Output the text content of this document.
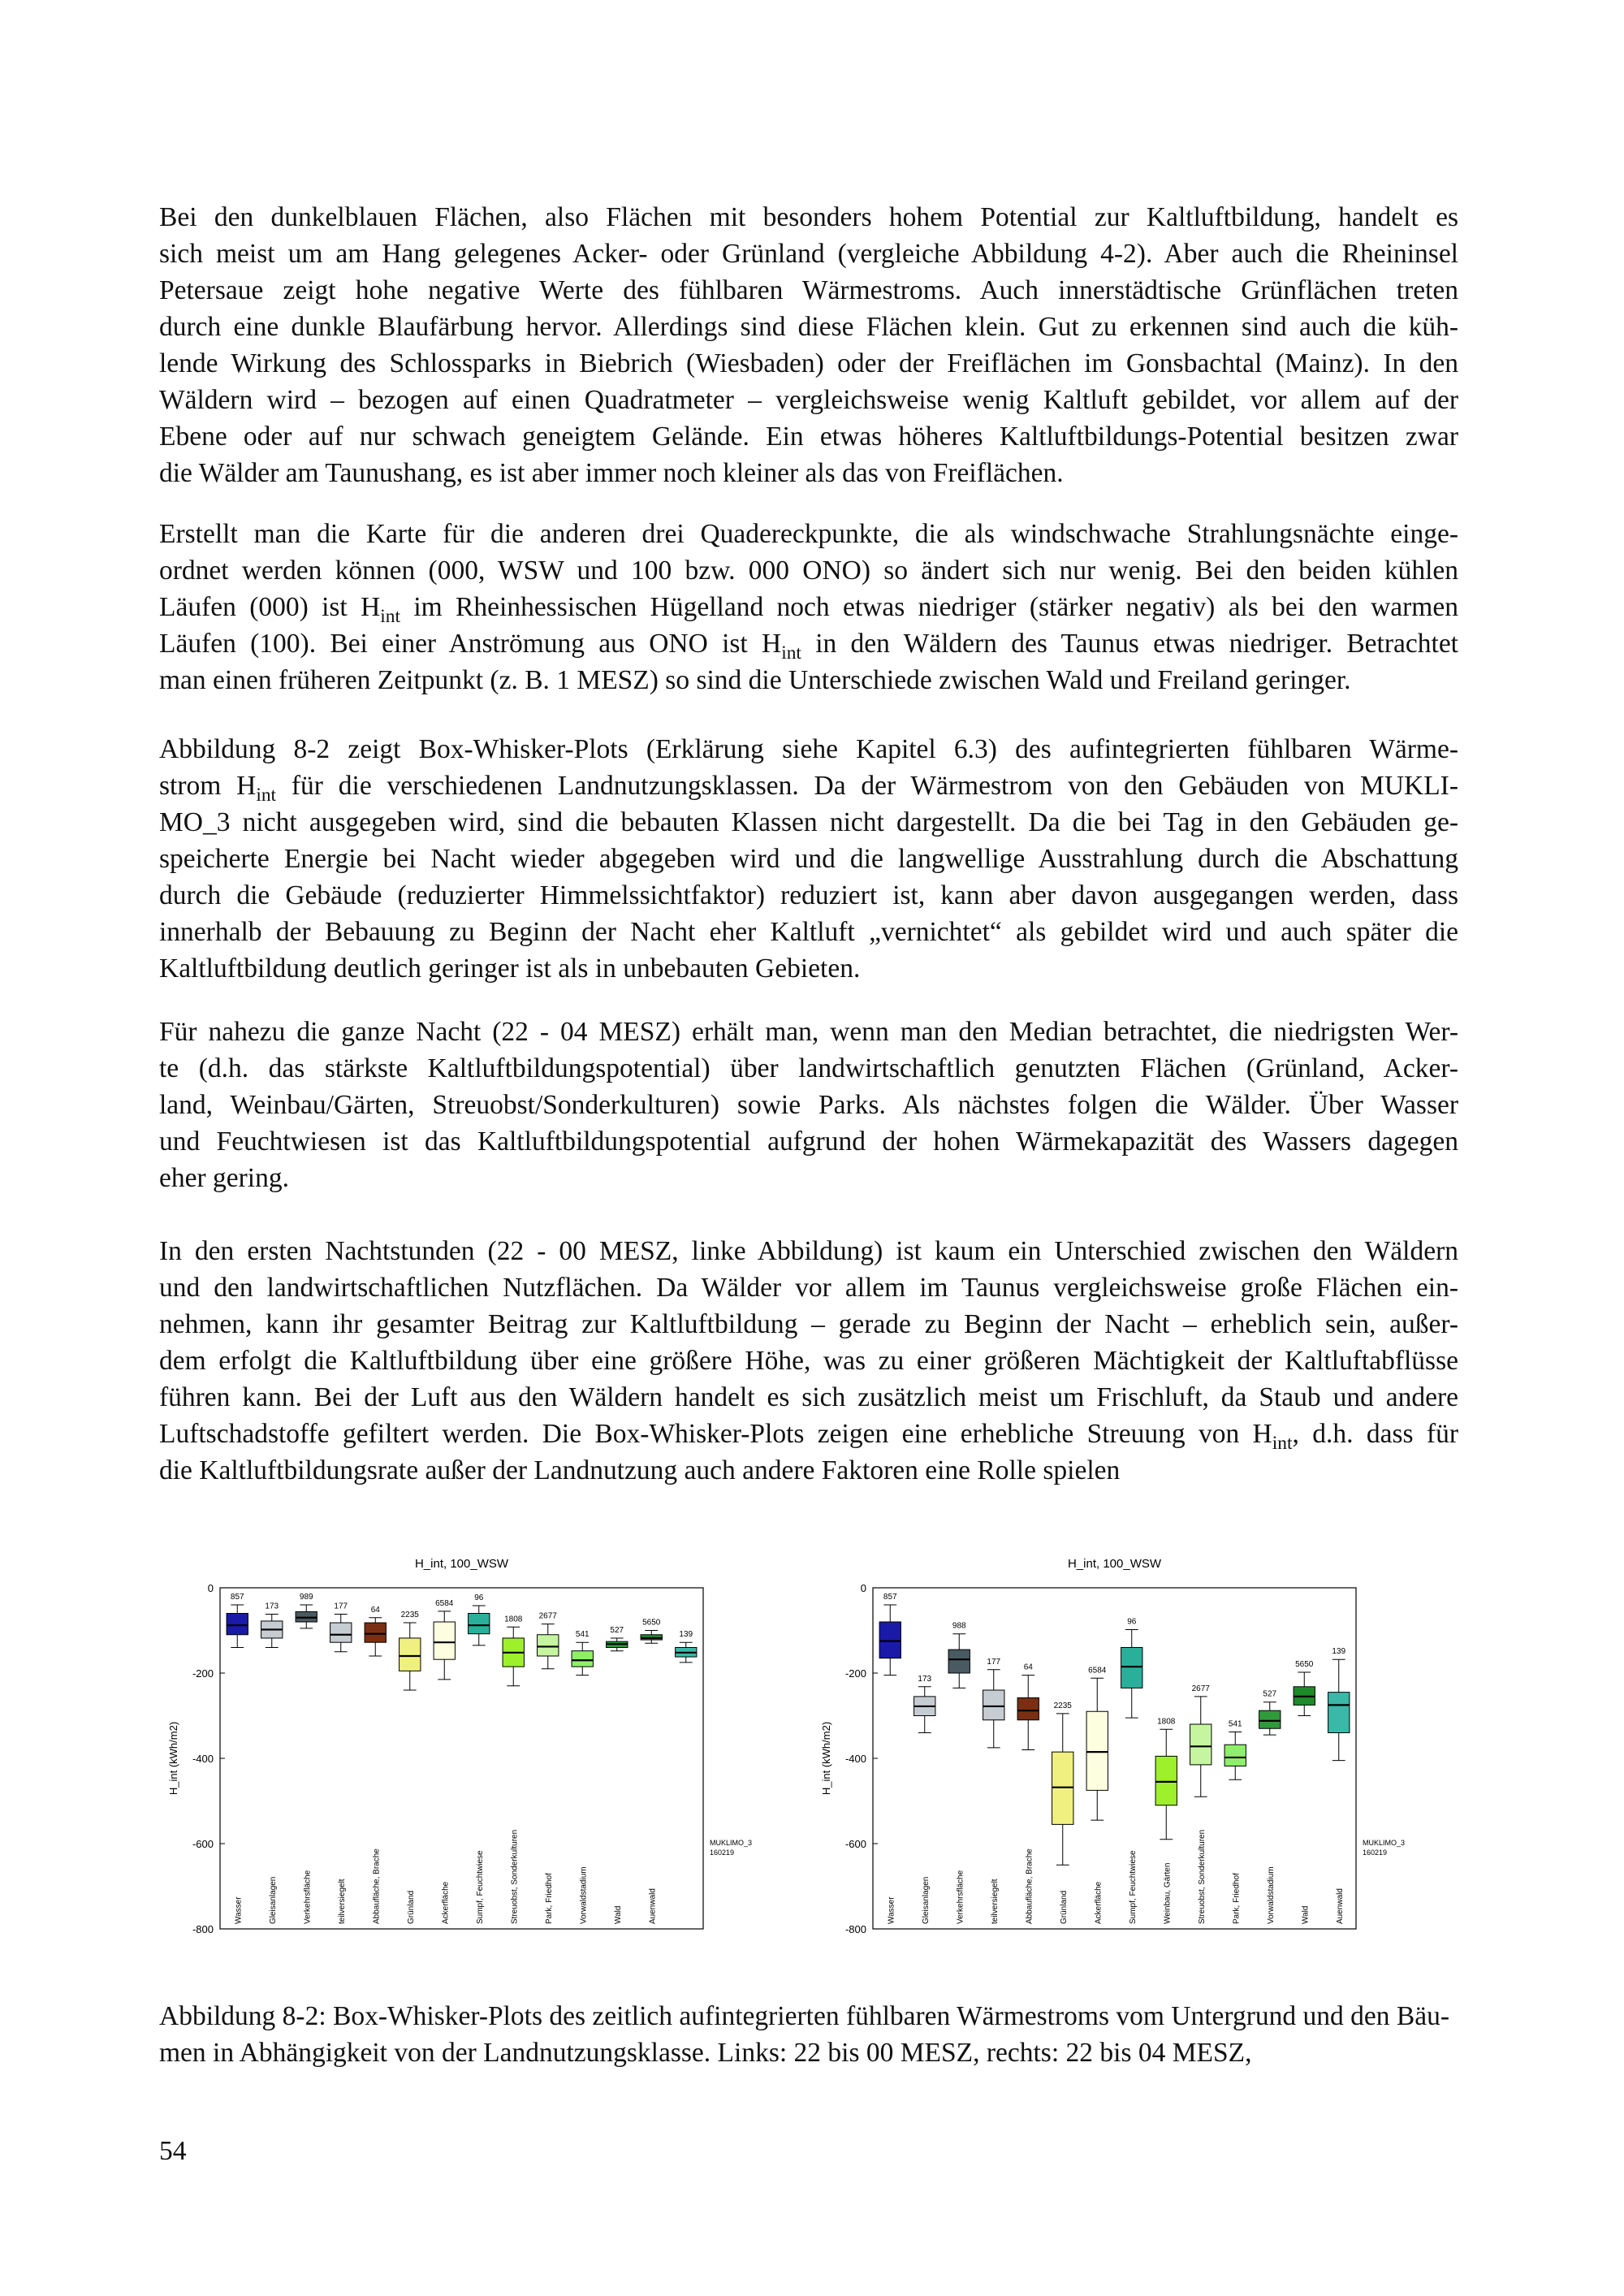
Bei den dunkelblauen Flächen, also Flächen mit besonders hohem Potential zur Kaltluftbildung, handelt es
sich meist um am Hang gelegenes Acker- oder Grünland (vergleiche Abbildung 4-2). Aber auch die Rheininsel
Petersaue zeigt hohe negative Werte des fühlbaren Wärmestroms. Auch innerstädtische Grünflächen treten
durch eine dunkle Blaufärbung hervor. Allerdings sind diese Flächen klein. Gut zu erkennen sind auch die küh-
lende Wirkung des Schlossparks in Biebrich (Wiesbaden) oder der Freiflächen im Gonsbachtal (Mainz). In den
Wäldern wird – bezogen auf einen Quadratmeter – vergleichsweise wenig Kaltluft gebildet, vor allem auf der
Ebene oder auf nur schwach geneigtem Gelände. Ein etwas höheres Kaltluftbildungs-Potential besitzen zwar
die Wälder am Taunushang, es ist aber immer noch kleiner als das von Freiflächen.
Erstellt man die Karte für die anderen drei Quadereckpunkte, die als windschwache Strahlungsnächte einge-
ordnet werden können (000, WSW und 100 bzw. 000 ONO) so ändert sich nur wenig. Bei den beiden kühlen
Läufen (000) ist $H_{int}$ im Rheinhessischen Hügelland noch etwas niedriger (stärker negativ) als bei den warmen
Läufen (100). Bei einer Anströmung aus ONO ist $H_{int}$ in den Wäldern des Taunus etwas niedriger. Betrachtet
man einen früheren Zeitpunkt (z. B. 1 MESZ) so sind die Unterschiede zwischen Wald und Freiland geringer.
Abbildung 8-2 zeigt Box-Whisker-Plots (Erklärung siehe Kapitel 6.3) des aufintegrierten fühlbaren Wärme-
strom $H_{int}$ für die verschiedenen Landnutzungsklassen. Da der Wärmestrom von den Gebäuden von MUKLI-
MO_3 nicht ausgegeben wird, sind die bebauten Klassen nicht dargestellt. Da die bei Tag in den Gebäuden ge-
speicherte Energie bei Nacht wieder abgegeben wird und die langwellige Ausstrahlung durch die Abschattung
durch die Gebäude (reduzierter Himmelssichtfaktor) reduziert ist, kann aber davon ausgegangen werden, dass
innerhalb der Bebauung zu Beginn der Nacht eher Kaltluft „vernichtet“ als gebildet wird und auch später die
Kaltluftbildung deutlich geringer ist als in unbebauten Gebieten.
Für nahezu die ganze Nacht (22 - 04 MESZ) erhält man, wenn man den Median betrachtet, die niedrigsten Wer-
te (d.h. das stärkste Kaltluftbildungspotential) über landwirtschaftlich genutzten Flächen (Grünland, Acker-
land, Weinbau/Gärten, Streuobst/Sonderkulturen) sowie Parks. Als nächstes folgen die Wälder. Über Wasser
und Feuchtwiesen ist das Kaltluftbildungspotential aufgrund der hohen Wärmekapazität des Wassers dagegen
eher gering.
In den ersten Nachtstunden (22 - 00 MESZ, linke Abbildung) ist kaum ein Unterschied zwischen den Wäldern
und den landwirtschaftlichen Nutzflächen. Da Wälder vor allem im Taunus vergleichsweise große Flächen ein-
nehmen, kann ihr gesamter Beitrag zur Kaltluftbildung – gerade zu Beginn der Nacht – erheblich sein, außer-
dem erfolgt die Kaltluftbildung über eine größere Höhe, was zu einer größeren Mächtigkeit der Kaltluftabflüsse
führen kann. Bei der Luft aus den Wäldern handelt es sich zusätzlich meist um Frischluft, da Staub und andere
Luftschadstoffe gefiltert werden. Die Box-Whisker-Plots zeigen eine erhebliche Streuung von $H_{int}$, d.h. dass für
die Kaltluftbildungsrate außer der Landnutzung auch andere Faktoren eine Rolle spielen
H_int, 100_WSW
0
-200
-400
-600
-800
H_int (kWh/m2)
857
173
989
177	64
2235
6584
96
1808 2677
541	527
5650
139
Wasser	Gleisanlagen	Verkehrsfläche	teilversiegelt	Abbaufläche, Brache	Grünland	Ackerfläche	Sumpf, Feuchtwiese	Streuobst, Sonderkulturen	Park, Friedhof	Vorwaldstadium	Wald	Auenwald
MUKLIMO_3
160219
H_int, 100_WSW
0
-200
-400
-600
-800
H_int (kWh/m2)
857
173
988
177
64
2235
6584
96
1808
2677
541
527
5650
139
Wasser	Gleisanlagen	Verkehrsfläche	teilversiegelt	Abbaufläche, Brache	Grünland	Ackerfläche	Sumpf, Feuchtwiese	Weinbau, Gärten	Streuobst, Sonderkulturen	Park, Friedhof	Vorwaldstadium	Wald	Auenwald
MUKLIMO_3
160219
Abbildung 8-2: Box-Whisker-Plots des zeitlich aufintegrierten fühlbaren Wärmestroms vom Untergrund und den Bäu-
men in Abhängigkeit von der Landnutzungsklasse. Links: 22 bis 00 MESZ, rechts: 22 bis 04 MESZ,
54
